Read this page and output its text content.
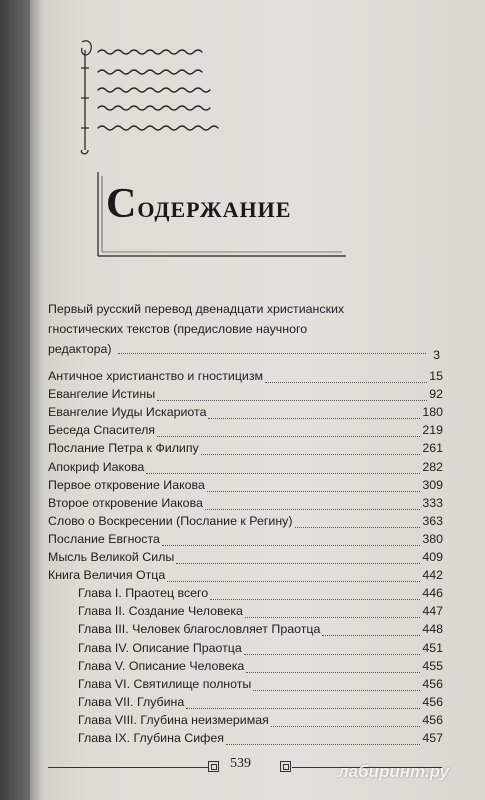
Содержание
Первый русский перевод двенадцати христианских
гностических текстов (предисловие научного
редактора)	3
Античное христианство и гностицизм	15
Евангелие Истины	92
Евангелие Иуды Искариота	180
Беседа Спасителя	219
Послание Петра к Филипу	261
Апокриф Иакова	282
Первое откровение Иакова	309
Второе откровение Иакова	333
Слово о Воскресении (Послание к Регину)	363
Послание Евгноста	380
Мысль Великой Силы	409
Книга Величия Отца	442
Глава I. Праотец всего	446
Глава II. Создание Человека	447
Глава III. Человек благословляет Праотца	448
Глава IV. Описание Праотца	451
Глава V. Описание Человека	455
Глава VI. Святилище полноты	456
Глава VII. Глубина	456
Глава VIII. Глубина неизмеримая	456
Глава IX. Глубина Сифея	457
539	лабиринт.ру
